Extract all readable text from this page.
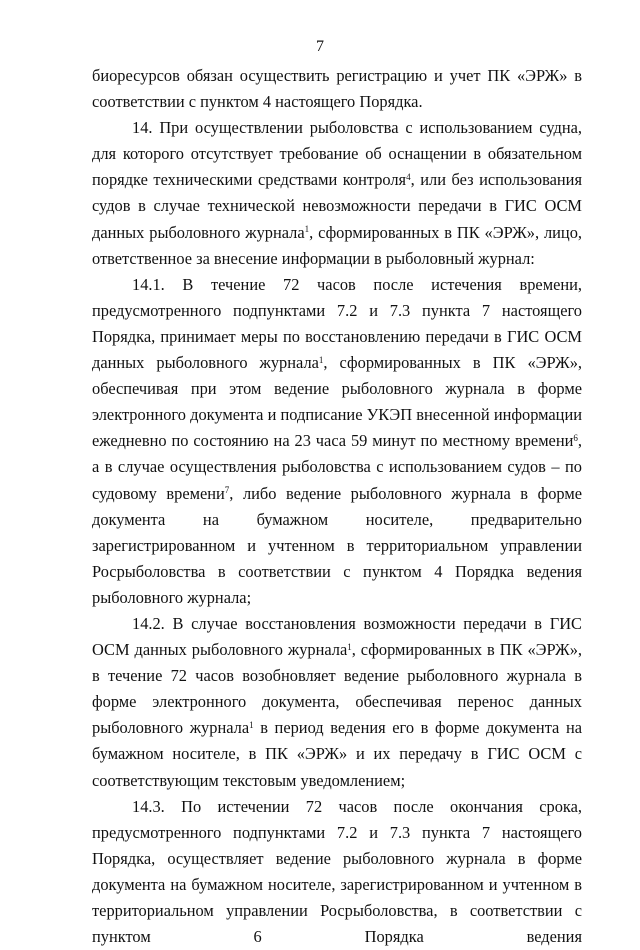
7

биоресурсов обязан осуществить регистрацию и учет ПК «ЭРЖ» в соответствии с пунктом 4 настоящего Порядка.

14. При осуществлении рыболовства с использованием судна, для которого отсутствует требование об оснащении в обязательном порядке техническими средствами контроля$^4$, или без использования судов в случае технической невозможности передачи в ГИС ОСМ данных рыболовного журнала$^1$, сформированных в ПК «ЭРЖ», лицо, ответственное за внесение информации в рыболовный журнал:

14.1. В течение 72 часов после истечения времени, предусмотренного подпунктами 7.2 и 7.3 пункта 7 настоящего Порядка, принимает меры по восстановлению передачи в ГИС ОСМ данных рыболовного журнала$^1$, сформированных в ПК «ЭРЖ», обеспечивая при этом ведение рыболовного журнала в форме электронного документа и подписание УКЭП внесенной информации ежедневно по состоянию на 23 часа 59 минут по местному времени$^6$, а в случае осуществления рыболовства с использованием судов – по судовому времени$^7$, либо ведение рыболовного журнала в форме документа на бумажном носителе, предварительно зарегистрированном и учтенном в территориальном управлении Росрыболовства в соответствии с пунктом 4 Порядка ведения рыболовного журнала;

14.2. В случае восстановления возможности передачи в ГИС ОСМ данных рыболовного журнала$^1$, сформированных в ПК «ЭРЖ», в течение 72 часов возобновляет ведение рыболовного журнала в форме электронного документа, обеспечивая перенос данных рыболовного журнала$^1$ в период ведения его в форме документа на бумажном носителе, в ПК «ЭРЖ» и их передачу в ГИС ОСМ с соответствующим текстовым уведомлением;

14.3. По истечении 72 часов после окончания срока, предусмотренного подпунктами 7.2 и 7.3 пункта 7 настоящего Порядка, осуществляет ведение рыболовного журнала в форме документа на бумажном носителе, зарегистрированном и учтенном в территориальном управлении Росрыболовства, в соответствии с пунктом 6 Порядка ведения
